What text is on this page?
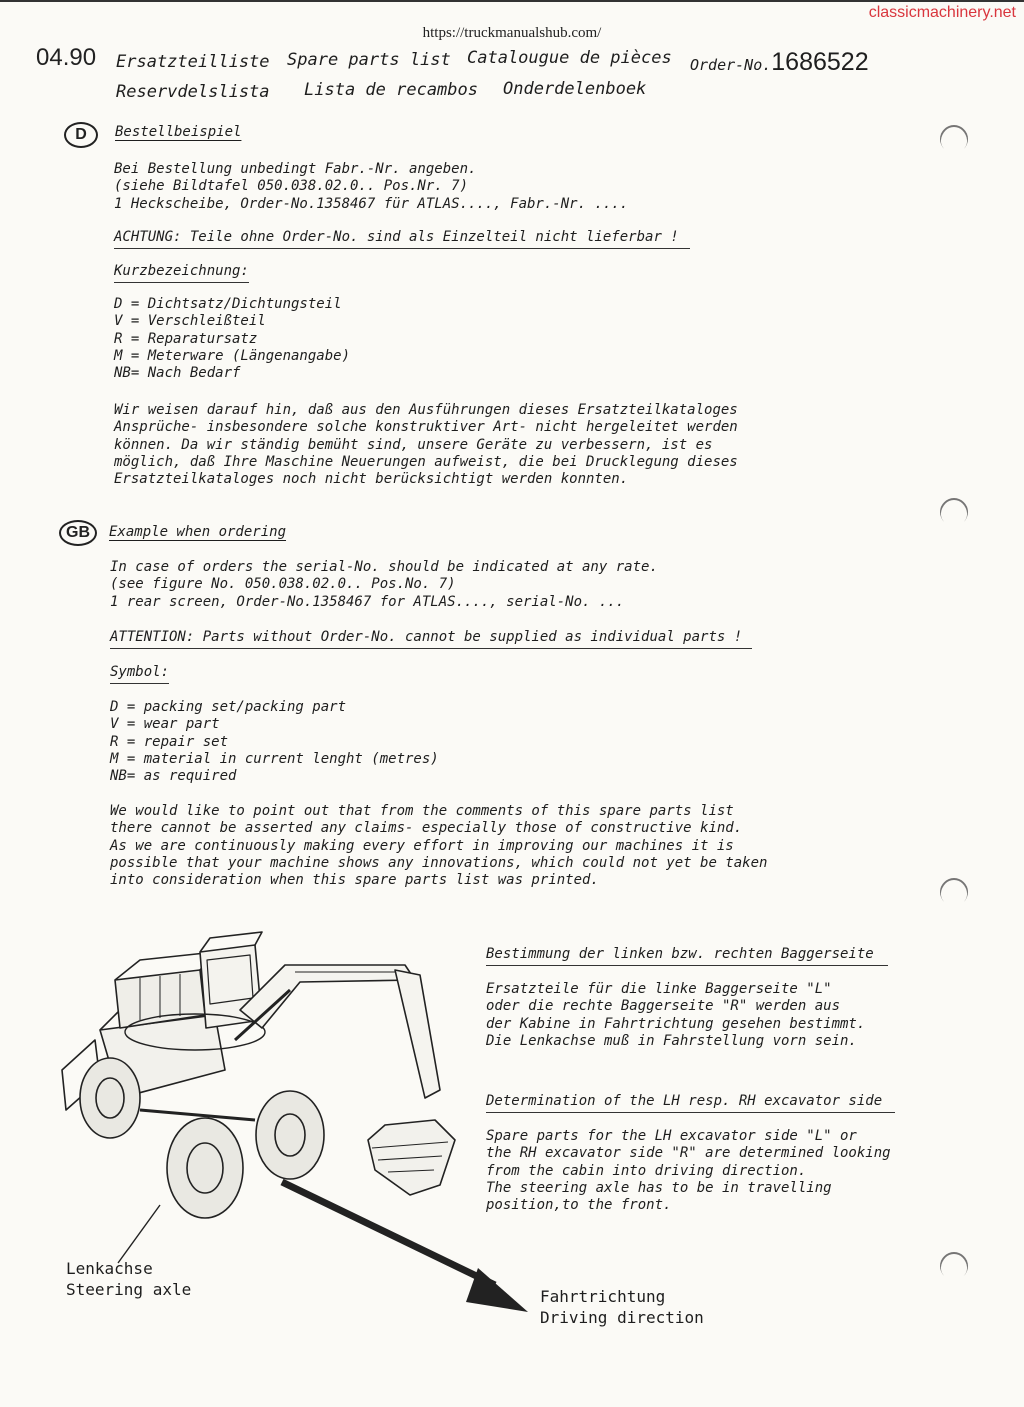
classicmachinery.net
https://truckmanualshub.com/
04.90 Ersatzteilliste Spare parts list Catalougue de pièces Order-No.1686522
Reservdelslista Lista de recambos Onderdelenboek
D	Bestellbeispiel
Bei Bestellung unbedingt Fabr.-Nr. angeben.
(siehe Bildtafel 050.038.02.0.. Pos.Nr. 7)
1 Heckscheibe, Order-No.1358467 für ATLAS...., Fabr.-Nr. ....
ACHTUNG: Teile ohne Order-No. sind als Einzelteil nicht lieferbar !
Kurzbezeichnung:
D = Dichtsatz/Dichtungsteil
V = Verschleißteil
R = Reparatursatz
M = Meterware (Längenangabe)
NB= Nach Bedarf
Wir weisen darauf hin, daß aus den Ausführungen dieses Ersatzteilkataloges
Ansprüche- insbesondere solche konstruktiver Art- nicht hergeleitet werden
können. Da wir ständig bemüht sind, unsere Geräte zu verbessern, ist es
möglich, daß Ihre Maschine Neuerungen aufweist, die bei Drucklegung dieses
Ersatzteilkataloges noch nicht berücksichtigt werden konnten.
GB	Example when ordering
In case of orders the serial-No. should be indicated at any rate.
(see figure No. 050.038.02.0.. Pos.No. 7)
1 rear screen, Order-No.1358467 for ATLAS...., serial-No. ...
ATTENTION: Parts without Order-No. cannot be supplied as individual parts !
Symbol:
D = packing set/packing part
V = wear part
R = repair set
M = material in current lenght (metres)
NB= as required
We would like to point out that from the comments of this spare parts list
there cannot be asserted any claims- especially those of constructive kind.
As we are continuously making every effort in improving our machines it is
possible that your machine shows any innovations, which could not yet be taken
into consideration when this spare parts list was printed.
Bestimmung der linken bzw. rechten Baggerseite
Ersatzteile für die linke Baggerseite "L"
oder die rechte Baggerseite "R" werden aus
der Kabine in Fahrtrichtung gesehen bestimmt.
Die Lenkachse muß in Fahrstellung vorn sein.
Determination of the LH resp. RH excavator side
Spare parts for the LH excavator side "L" or
the RH excavator side "R" are determined looking
from the cabin into driving direction.
The steering axle has to be in travelling
position,to the front.
Lenkachse
Steering axle	Fahrtrichtung
Driving direction
